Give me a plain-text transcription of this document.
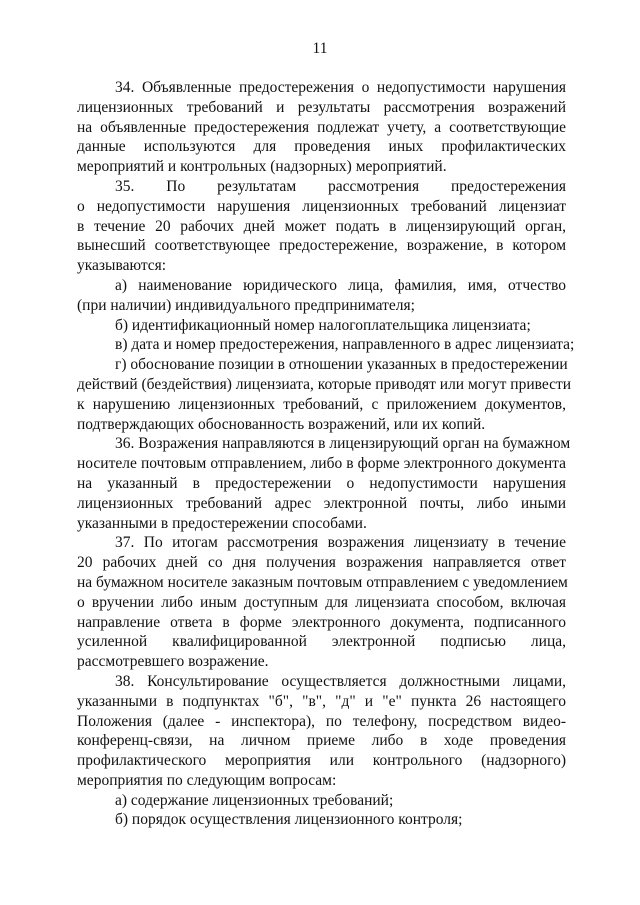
11
34. Объявленные предостережения о недопустимости нарушения
лицензионных требований и результаты рассмотрения возражений
на объявленные предостережения подлежат учету, а соответствующие
данные используются для проведения иных профилактических
мероприятий и контрольных (надзорных) мероприятий.
35. По результатам рассмотрения предостережения
о недопустимости нарушения лицензионных требований лицензиат
в течение 20 рабочих дней может подать в лицензирующий орган,
вынесший соответствующее предостережение, возражение, в котором
указываются:
а) наименование юридического лица, фамилия, имя, отчество
(при наличии) индивидуального предпринимателя;
б) идентификационный номер налогоплательщика лицензиата;
в) дата и номер предостережения, направленного в адрес лицензиата;
г) обоснование позиции в отношении указанных в предостережении
действий (бездействия) лицензиата, которые приводят или могут привести
к нарушению лицензионных требований, с приложением документов,
подтверждающих обоснованность возражений, или их копий.
36. Возражения направляются в лицензирующий орган на бумажном
носителе почтовым отправлением, либо в форме электронного документа
на указанный в предостережении о недопустимости нарушения
лицензионных требований адрес электронной почты, либо иными
указанными в предостережении способами.
37. По итогам рассмотрения возражения лицензиату в течение
20 рабочих дней со дня получения возражения направляется ответ
на бумажном носителе заказным почтовым отправлением с уведомлением
о вручении либо иным доступным для лицензиата способом, включая
направление ответа в форме электронного документа, подписанного
усиленной квалифицированной электронной подписью лица,
рассмотревшего возражение.
38. Консультирование осуществляется должностными лицами,
указанными в подпунктах "б", "в", "д" и "е" пункта 26 настоящего
Положения (далее - инспектора), по телефону, посредством видео-
конференц-связи, на личном приеме либо в ходе проведения
профилактического мероприятия или контрольного (надзорного)
мероприятия по следующим вопросам:
а) содержание лицензионных требований;
б) порядок осуществления лицензионного контроля;
